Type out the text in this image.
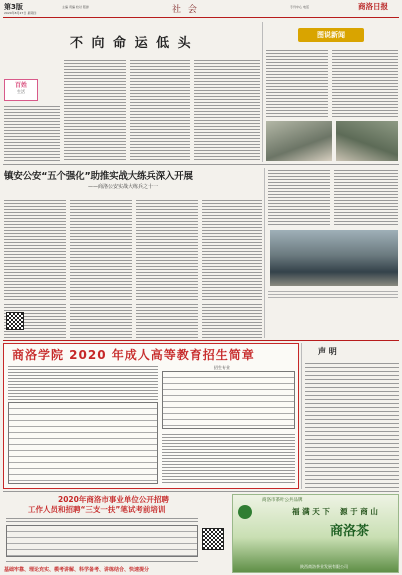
第3版
2020年8月27日 星期四
主编 责编 校对 照排	社 会	专刊中心 电话	商洛日报
不 向 命 运 低 头
百姓
生活
图说新闻
镇安公安“五个强化”助推实战大练兵深入开展
——商洛公安实战大练兵之十一
商洛学院 2020 年成人高等教育招生简章
招生专业
声 明
2020年商洛市事业单位公开招聘
工作人员和招聘“三支一扶”笔试考前培训
基础牢靠、理论充实、模考讲解、科学备考、讲练结合、快速提分
商洛市茶叶公共品牌
福 满 天 下 源 于 商 山
商洛茶
陕西商洛茶业发展有限公司
